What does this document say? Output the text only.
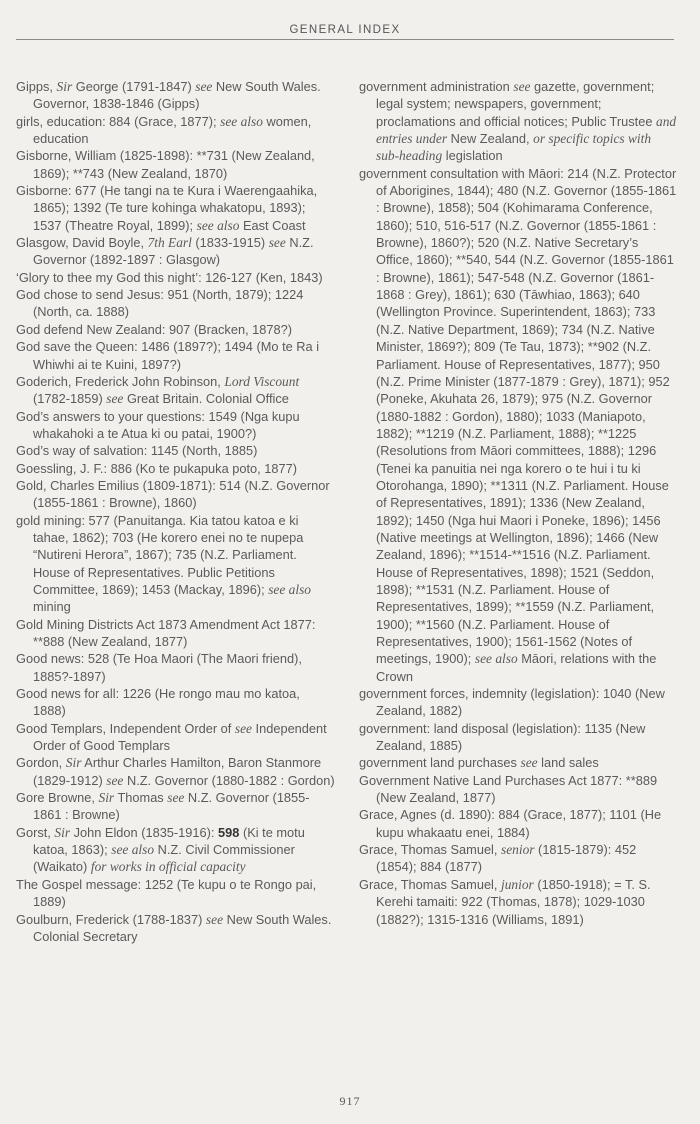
GENERAL INDEX
Gipps, Sir George (1791-1847) see New South Wales. Governor, 1838-1846 (Gipps)
girls, education: 884 (Grace, 1877); see also women, education
Gisborne, William (1825-1898): **731 (New Zealand, 1869); **743 (New Zealand, 1870)
Gisborne: 677 (He tangi na te Kura i Waerengaahika, 1865); 1392 (Te ture kohinga whakatopu, 1893); 1537 (Theatre Royal, 1899); see also East Coast
Glasgow, David Boyle, 7th Earl (1833-1915) see N.Z. Governor (1892-1897 : Glasgow)
‘Glory to thee my God this night’: 126-127 (Ken, 1843)
God chose to send Jesus: 951 (North, 1879); 1224 (North, ca. 1888)
God defend New Zealand: 907 (Bracken, 1878?)
God save the Queen: 1486 (1897?); 1494 (Mo te Ra i Whiwhi ai te Kuini, 1897?)
Goderich, Frederick John Robinson, Lord Viscount (1782-1859) see Great Britain. Colonial Office
God’s answers to your questions: 1549 (Nga kupu whakahoki a te Atua ki ou patai, 1900?)
God’s way of salvation: 1145 (North, 1885)
Goessling, J. F.: 886 (Ko te pukapuka poto, 1877)
Gold, Charles Emilius (1809-1871): 514 (N.Z. Governor (1855-1861 : Browne), 1860)
gold mining: 577 (Panuitanga. Kia tatou katoa e ki tahae, 1862); 703 (He korero enei no te nupepa “Nutireni Herora”, 1867); 735 (N.Z. Parliament. House of Representatives. Public Petitions Committee, 1869); 1453 (Mackay, 1896); see also mining
Gold Mining Districts Act 1873 Amendment Act 1877: **888 (New Zealand, 1877)
Good news: 528 (Te Hoa Maori (The Maori friend), 1885?-1897)
Good news for all: 1226 (He rongo mau mo katoa, 1888)
Good Templars, Independent Order of see Independent Order of Good Templars
Gordon, Sir Arthur Charles Hamilton, Baron Stanmore (1829-1912) see N.Z. Governor (1880-1882 : Gordon)
Gore Browne, Sir Thomas see N.Z. Governor (1855-1861 : Browne)
Gorst, Sir John Eldon (1835-1916): 598 (Ki te motu katoa, 1863); see also N.Z. Civil Commissioner (Waikato) for works in official capacity
The Gospel message: 1252 (Te kupu o te Rongo pai, 1889)
Goulburn, Frederick (1788-1837) see New South Wales. Colonial Secretary
government administration see gazette, government; legal system; newspapers, government; proclamations and official notices; Public Trustee and entries under New Zealand, or specific topics with sub-heading legislation
government consultation with Māori: 214 (N.Z. Protector of Aborigines, 1844); 480 (N.Z. Governor (1855-1861 : Browne), 1858); 504 (Kohimarama Conference, 1860); 510, 516-517 (N.Z. Governor (1855-1861 : Browne), 1860?); 520 (N.Z. Native Secretary’s Office, 1860); **540, 544 (N.Z. Governor (1855-1861 : Browne), 1861); 547-548 (N.Z. Governor (1861-1868 : Grey), 1861); 630 (Tāwhiao, 1863); 640 (Wellington Province. Superintendent, 1863); 733 (N.Z. Native Department, 1869); 734 (N.Z. Native Minister, 1869?); 809 (Te Tau, 1873); **902 (N.Z. Parliament. House of Representatives, 1877); 950 (N.Z. Prime Minister (1877-1879 : Grey), 1871); 952 (Poneke, Akuhata 26, 1879); 975 (N.Z. Governor (1880-1882 : Gordon), 1880); 1033 (Maniapoto, 1882); **1219 (N.Z. Parliament, 1888); **1225 (Resolutions from Māori committees, 1888); 1296 (Tenei ka panuitia nei nga korero o te hui i tu ki Otorohanga, 1890); **1311 (N.Z. Parliament. House of Representatives, 1891); 1336 (New Zealand, 1892); 1450 (Nga hui Maori i Poneke, 1896); 1456 (Native meetings at Wellington, 1896); 1466 (New Zealand, 1896); **1514-**1516 (N.Z. Parliament. House of Representatives, 1898); 1521 (Seddon, 1898); **1531 (N.Z. Parliament. House of Representatives, 1899); **1559 (N.Z. Parliament, 1900); **1560 (N.Z. Parliament. House of Representatives, 1900); 1561-1562 (Notes of meetings, 1900); see also Māori, relations with the Crown
government forces, indemnity (legislation): 1040 (New Zealand, 1882)
government: land disposal (legislation): 1135 (New Zealand, 1885)
government land purchases see land sales
Government Native Land Purchases Act 1877: **889 (New Zealand, 1877)
Grace, Agnes (d. 1890): 884 (Grace, 1877); 1101 (He kupu whakaatu enei, 1884)
Grace, Thomas Samuel, senior (1815-1879): 452 (1854); 884 (1877)
Grace, Thomas Samuel, junior (1850-1918); = T. S. Kerehi tamaiti: 922 (Thomas, 1878); 1029-1030 (1882?); 1315-1316 (Williams, 1891)
917
